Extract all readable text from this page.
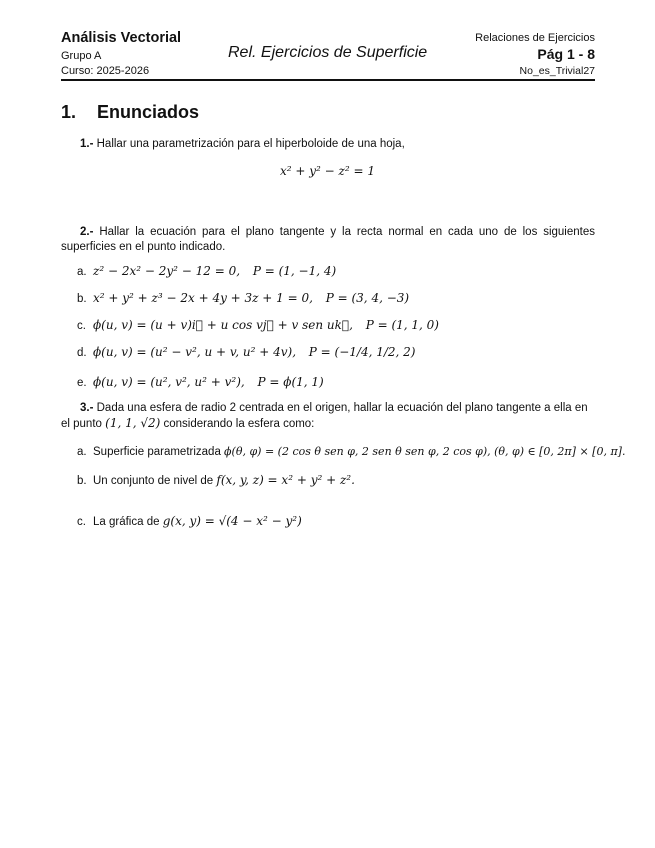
Análisis Vectorial
Grupo A
Curso: 2025-2026
Rel. Ejercicios de Superficie
Relaciones de Ejercicios
Pág 1 - 8
No_es_Trivial27
1. Enunciados
1.- Hallar una parametrización para el hiperboloide de una hoja,
x² + y² − z² = 1
2.- Hallar la ecuación para el plano tangente y la recta normal en cada uno de los siguientes superficies en el punto indicado.
a. z² − 2x² − 2y² − 12 = 0, P = (1, −1, 4)
b. x² + y² + z³ − 2x + 4y + 3z + 1 = 0, P = (3, 4, −3)
c. ϕ(u, v) = (u + v)i⃗ + u cos vj⃗ + v sen uk⃗, P = (1, 1, 0)
d. ϕ(u, v) = (u² − v², u + v, u² + 4v), P = (−1/4, 1/2, 2)
e. ϕ(u, v) = (u², v², u² + v²), P = ϕ(1, 1)
3.- Dada una esfera de radio 2 centrada en el origen, hallar la ecuación del plano tangente a ella en
el punto (1, 1, √2) considerando la esfera como:
a. Superficie parametrizada ϕ(θ, φ) = (2 cos θ sen φ, 2 sen θ sen φ, 2 cos φ), (θ, φ) ∈ [0, 2π] × [0, π].
b. Un conjunto de nivel de f(x, y, z) = x² + y² + z².
c. La gráfica de g(x, y) = √(4 − x² − y²)
